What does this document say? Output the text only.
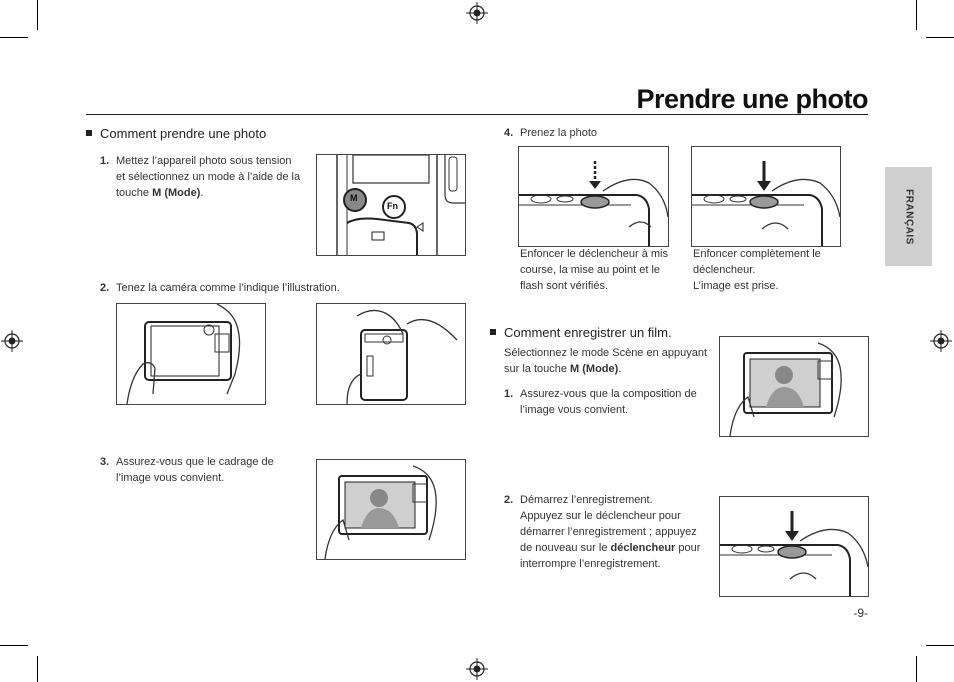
Prendre une photo
FRANÇAIS
Comment prendre une photo
1. Mettez l’appareil photo sous tension
et sélectionnez un mode à l’aide de la
touche M (Mode).	M
Fn
2. Tenez la caméra comme l’indique l’illustration.
3. Assurez-vous que le cadrage de
l’image vous convient.
4. Prenez la photo
Enfoncer le déclencheur à mis
course, la mise au point et le
flash sont vérifiés.
Enfoncer complètement le
déclencheur.
L’image est prise.
Comment enregistrer un film.
Sélectionnez le mode Scène en appuyant
sur la touche M (Mode).
1. Assurez-vous que la composition de
l’image vous convient.
2. Démarrez l’enregistrement.
Appuyez sur le déclencheur pour
démarrer l’enregistrement ; appuyez
de nouveau sur le déclencheur pour
interrompre l’enregistrement.
-9-
